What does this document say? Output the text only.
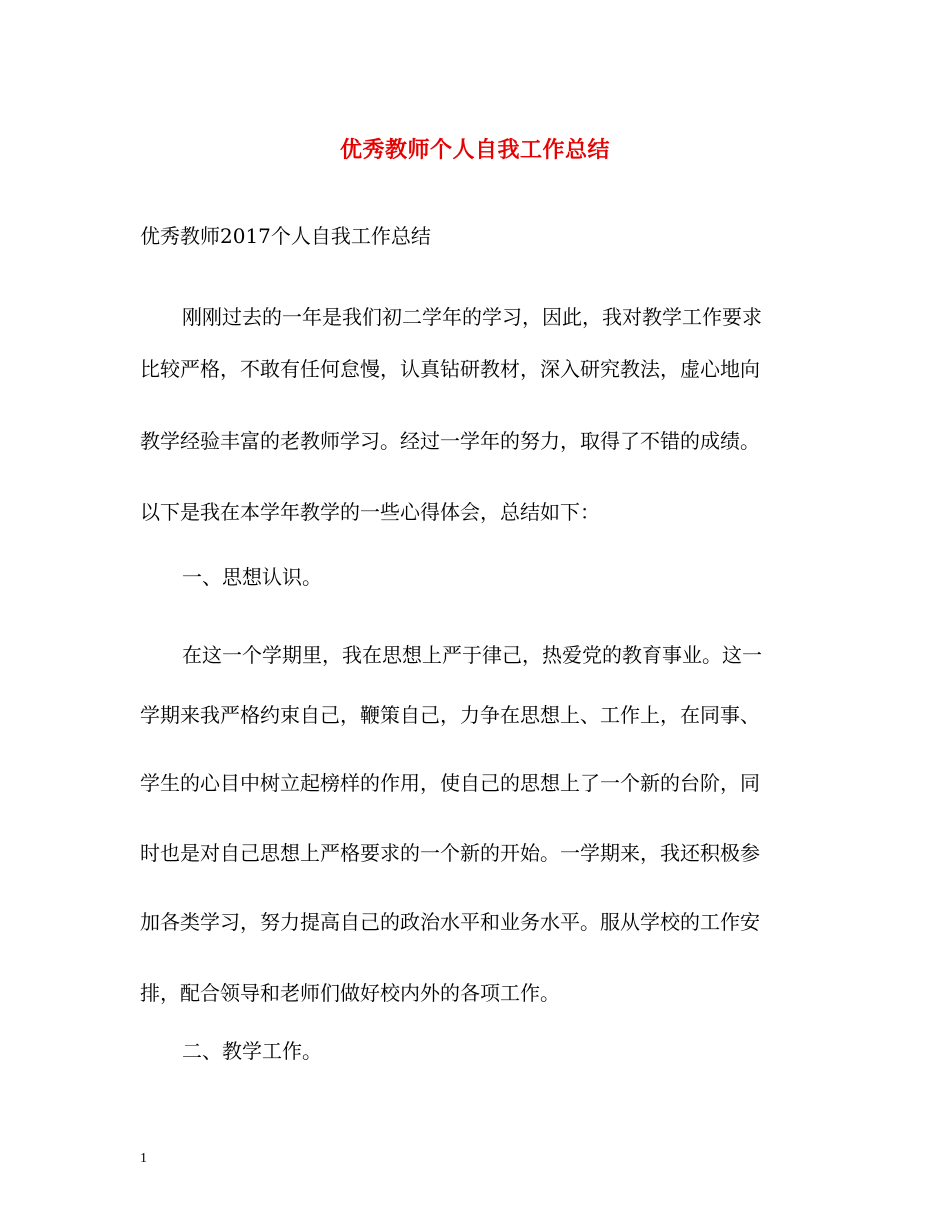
优秀教师个人自我工作总结
优秀教师2017个人自我工作总结
刚刚过去的一年是我们初二学年的学习，因此，我对教学工作要求
比较严格，不敢有任何怠慢，认真钻研教材，深入研究教法，虚心地向
教学经验丰富的老教师学习。经过一学年的努力，取得了不错的成绩。
以下是我在本学年教学的一些心得体会，总结如下：
一、思想认识。
在这一个学期里，我在思想上严于律己，热爱党的教育事业。这一
学期来我严格约束自己，鞭策自己，力争在思想上、工作上，在同事、
学生的心目中树立起榜样的作用，使自己的思想上了一个新的台阶，同
时也是对自己思想上严格要求的一个新的开始。一学期来，我还积极参
加各类学习，努力提高自己的政治水平和业务水平。服从学校的工作安
排，配合领导和老师们做好校内外的各项工作。
二、教学工作。
1
